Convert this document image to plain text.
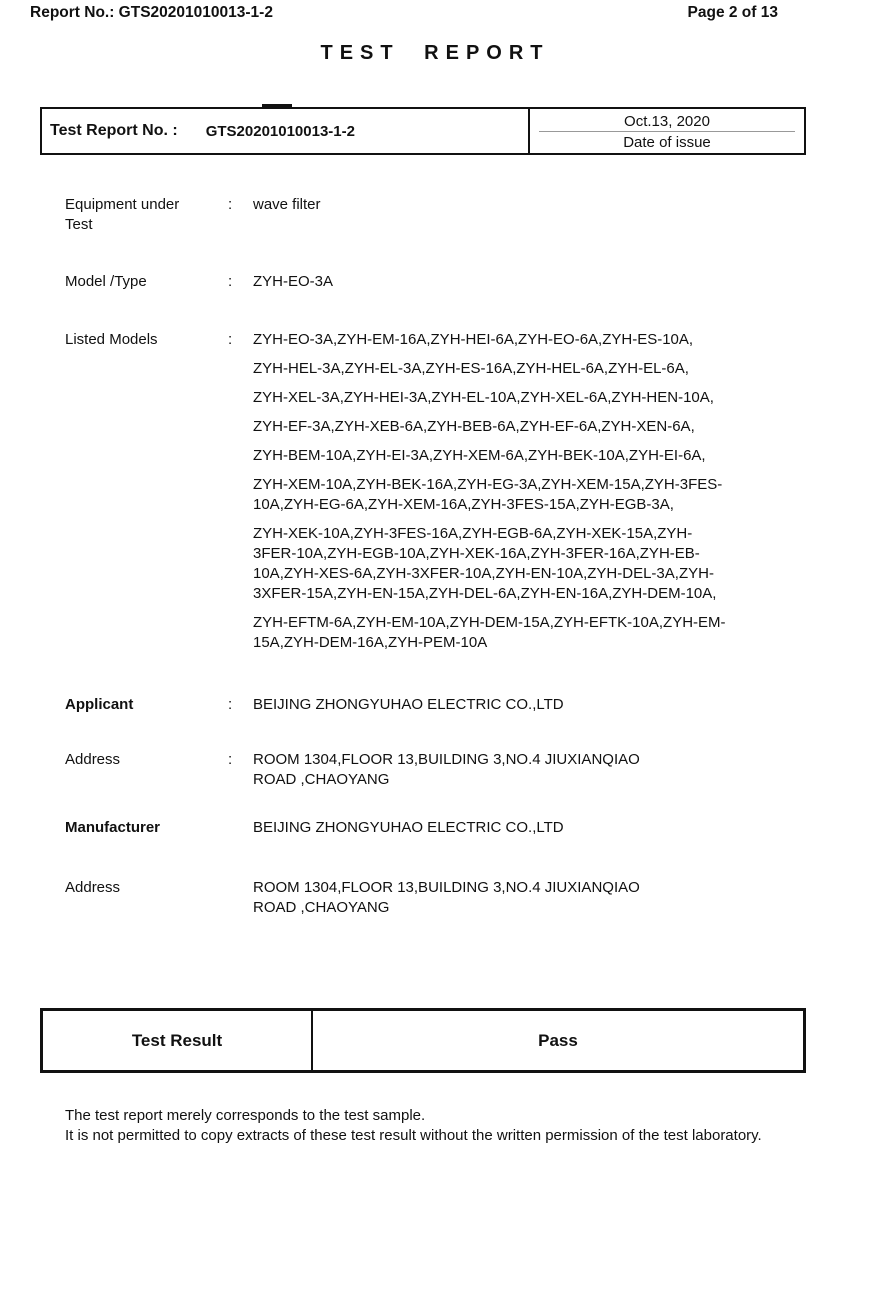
Report No.: GTS20201010013-1-2	Page 2 of 13
TEST REPORT
Test Report No. : GTS20201010013-1-2
Oct.13, 2020
Date of issue
Equipment under Test
:	wave filter
Model /Type	:	ZYH-EO-3A
Listed Models	:	ZYH-EO-3A,ZYH-EM-16A,ZYH-HEI-6A,ZYH-EO-6A,ZYH-ES-10A,
ZYH-HEL-3A,ZYH-EL-3A,ZYH-ES-16A,ZYH-HEL-6A,ZYH-EL-6A,
ZYH-XEL-3A,ZYH-HEI-3A,ZYH-EL-10A,ZYH-XEL-6A,ZYH-HEN-10A,
ZYH-EF-3A,ZYH-XEB-6A,ZYH-BEB-6A,ZYH-EF-6A,ZYH-XEN-6A,
ZYH-BEM-10A,ZYH-EI-3A,ZYH-XEM-6A,ZYH-BEK-10A,ZYH-EI-6A,
ZYH-XEM-10A,ZYH-BEK-16A,ZYH-EG-3A,ZYH-XEM-15A,ZYH-3FES-
10A,ZYH-EG-6A,ZYH-XEM-16A,ZYH-3FES-15A,ZYH-EGB-3A,
ZYH-XEK-10A,ZYH-3FES-16A,ZYH-EGB-6A,ZYH-XEK-15A,ZYH-
3FER-10A,ZYH-EGB-10A,ZYH-XEK-16A,ZYH-3FER-16A,ZYH-EB-
10A,ZYH-XES-6A,ZYH-3XFER-10A,ZYH-EN-10A,ZYH-DEL-3A,ZYH-
3XFER-15A,ZYH-EN-15A,ZYH-DEL-6A,ZYH-EN-16A,ZYH-DEM-10A,
ZYH-EFTM-6A,ZYH-EM-10A,ZYH-DEM-15A,ZYH-EFTK-10A,ZYH-EM-
15A,ZYH-DEM-16A,ZYH-PEM-10A
Applicant	:	BEIJING ZHONGYUHAO ELECTRIC CO.,LTD
Address	:	ROOM 1304,FLOOR 13,BUILDING 3,NO.4 JIUXIANQIAO
ROAD ,CHAOYANG
Manufacturer	BEIJING ZHONGYUHAO ELECTRIC CO.,LTD
Address	ROOM 1304,FLOOR 13,BUILDING 3,NO.4 JIUXIANQIAO
ROAD ,CHAOYANG
Test Result	Pass
The test report merely corresponds to the test sample.
It is not permitted to copy extracts of these test result without the written permission of the test laboratory.
